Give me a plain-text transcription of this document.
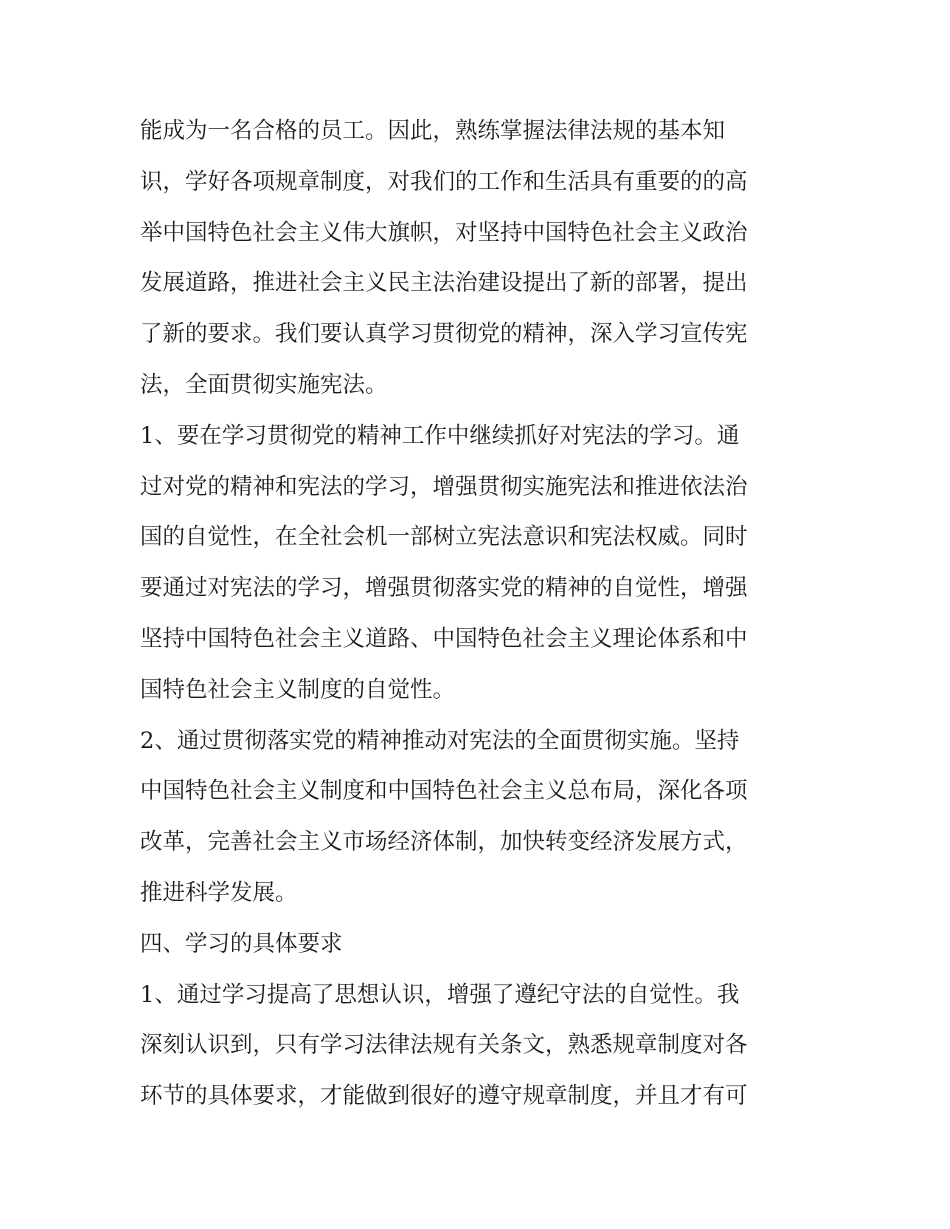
能成为一名合格的员工。因此，熟练掌握法律法规的基本知
识，学好各项规章制度，对我们的工作和生活具有重要的的高
举中国特色社会主义伟大旗帜，对坚持中国特色社会主义政治
发展道路，推进社会主义民主法治建设提出了新的部署，提出
了新的要求。我们要认真学习贯彻党的精神，深入学习宣传宪
法，全面贯彻实施宪法。
1、要在学习贯彻党的精神工作中继续抓好对宪法的学习。通
过对党的精神和宪法的学习，增强贯彻实施宪法和推进依法治
国的自觉性，在全社会机一部树立宪法意识和宪法权威。同时
要通过对宪法的学习，增强贯彻落实党的精神的自觉性，增强
坚持中国特色社会主义道路、中国特色社会主义理论体系和中
国特色社会主义制度的自觉性。
2、通过贯彻落实党的精神推动对宪法的全面贯彻实施。坚持
中国特色社会主义制度和中国特色社会主义总布局，深化各项
改革，完善社会主义市场经济体制，加快转变经济发展方式，
推进科学发展。
四、学习的具体要求
1、通过学习提高了思想认识，增强了遵纪守法的自觉性。我
深刻认识到，只有学习法律法规有关条文，熟悉规章制度对各
环节的具体要求，才能做到很好的遵守规章制度，并且才有可
